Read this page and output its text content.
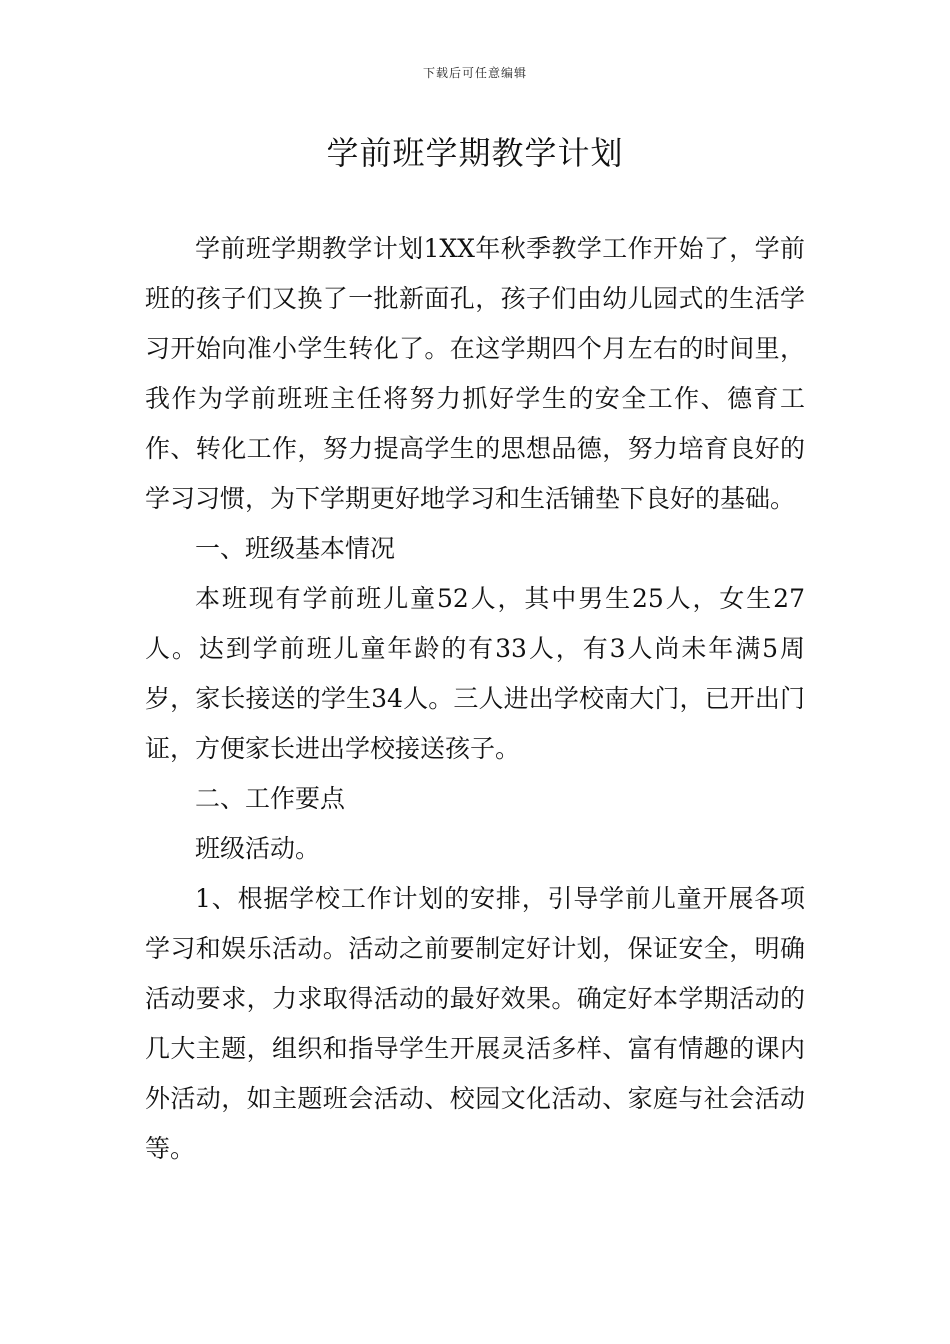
下载后可任意编辑
学前班学期教学计划

学前班学期教学计划1XX年秋季教学工作开始了，学前班的孩子们又换了一批新面孔，孩子们由幼儿园式的生活学习开始向准小学生转化了。在这学期四个月左右的时间里，我作为学前班班主任将努力抓好学生的安全工作、德育工作、转化工作，努力提高学生的思想品德，努力培育良好的学习习惯，为下学期更好地学习和生活铺垫下良好的基础。

一、班级基本情况

本班现有学前班儿童52人，其中男生25人，女生27人。达到学前班儿童年龄的有33人，有3人尚未年满5周岁，家长接送的学生34人。三人进出学校南大门，已开出门证，方便家长进出学校接送孩子。

二、工作要点

班级活动。

1、根据学校工作计划的安排，引导学前儿童开展各项学习和娱乐活动。活动之前要制定好计划，保证安全，明确活动要求，力求取得活动的最好效果。确定好本学期活动的几大主题，组织和指导学生开展灵活多样、富有情趣的课内外活动，如主题班会活动、校园文化活动、家庭与社会活动等。
